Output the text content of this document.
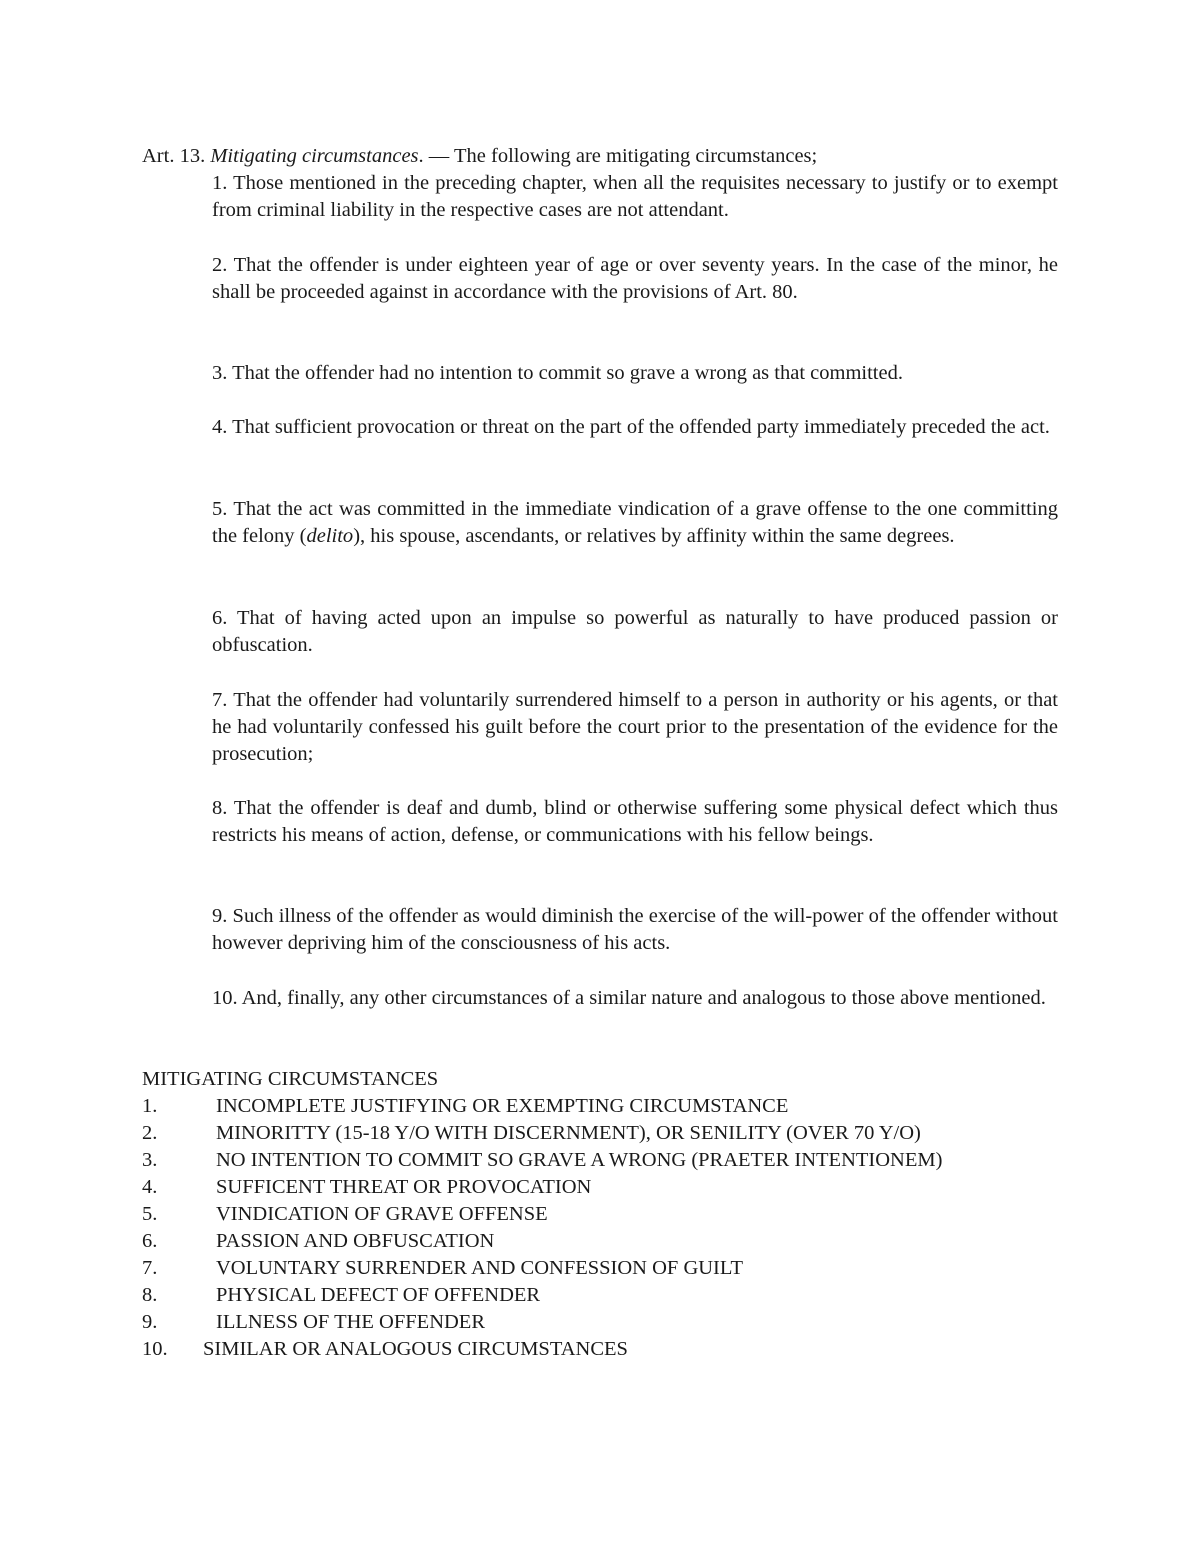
Art. 13. Mitigating circumstances. — The following are mitigating circumstances;
1. Those mentioned in the preceding chapter, when all the requisites necessary to justify or to exempt from criminal liability in the respective cases are not attendant.
2. That the offender is under eighteen year of age or over seventy years. In the case of the minor, he shall be proceeded against in accordance with the provisions of Art. 80.
3. That the offender had no intention to commit so grave a wrong as that committed.
4. That sufficient provocation or threat on the part of the offended party immediately preceded the act.
5. That the act was committed in the immediate vindication of a grave offense to the one committing the felony (delito), his spouse, ascendants, or relatives by affinity within the same degrees.
6. That of having acted upon an impulse so powerful as naturally to have produced passion or obfuscation.
7. That the offender had voluntarily surrendered himself to a person in authority or his agents, or that he had voluntarily confessed his guilt before the court prior to the presentation of the evidence for the prosecution;
8. That the offender is deaf and dumb, blind or otherwise suffering some physical defect which thus restricts his means of action, defense, or communications with his fellow beings.
9. Such illness of the offender as would diminish the exercise of the will-power of the offender without however depriving him of the consciousness of his acts.
10. And, finally, any other circumstances of a similar nature and analogous to those above mentioned.
MITIGATING CIRCUMSTANCES
1.	INCOMPLETE JUSTIFYING OR EXEMPTING CIRCUMSTANCE
2.	MINORITTY (15-18 Y/O WITH DISCERNMENT), OR SENILITY (OVER 70 Y/O)
3.	NO INTENTION TO COMMIT SO GRAVE A WRONG (PRAETER INTENTIONEM)
4.	SUFFICENT THREAT OR PROVOCATION
5.	VINDICATION OF GRAVE OFFENSE
6.	PASSION AND OBFUSCATION
7.	VOLUNTARY SURRENDER AND CONFESSION OF GUILT
8.	PHYSICAL DEFECT OF OFFENDER
9.	ILLNESS OF THE OFFENDER
10. SIMILAR OR ANALOGOUS CIRCUMSTANCES
